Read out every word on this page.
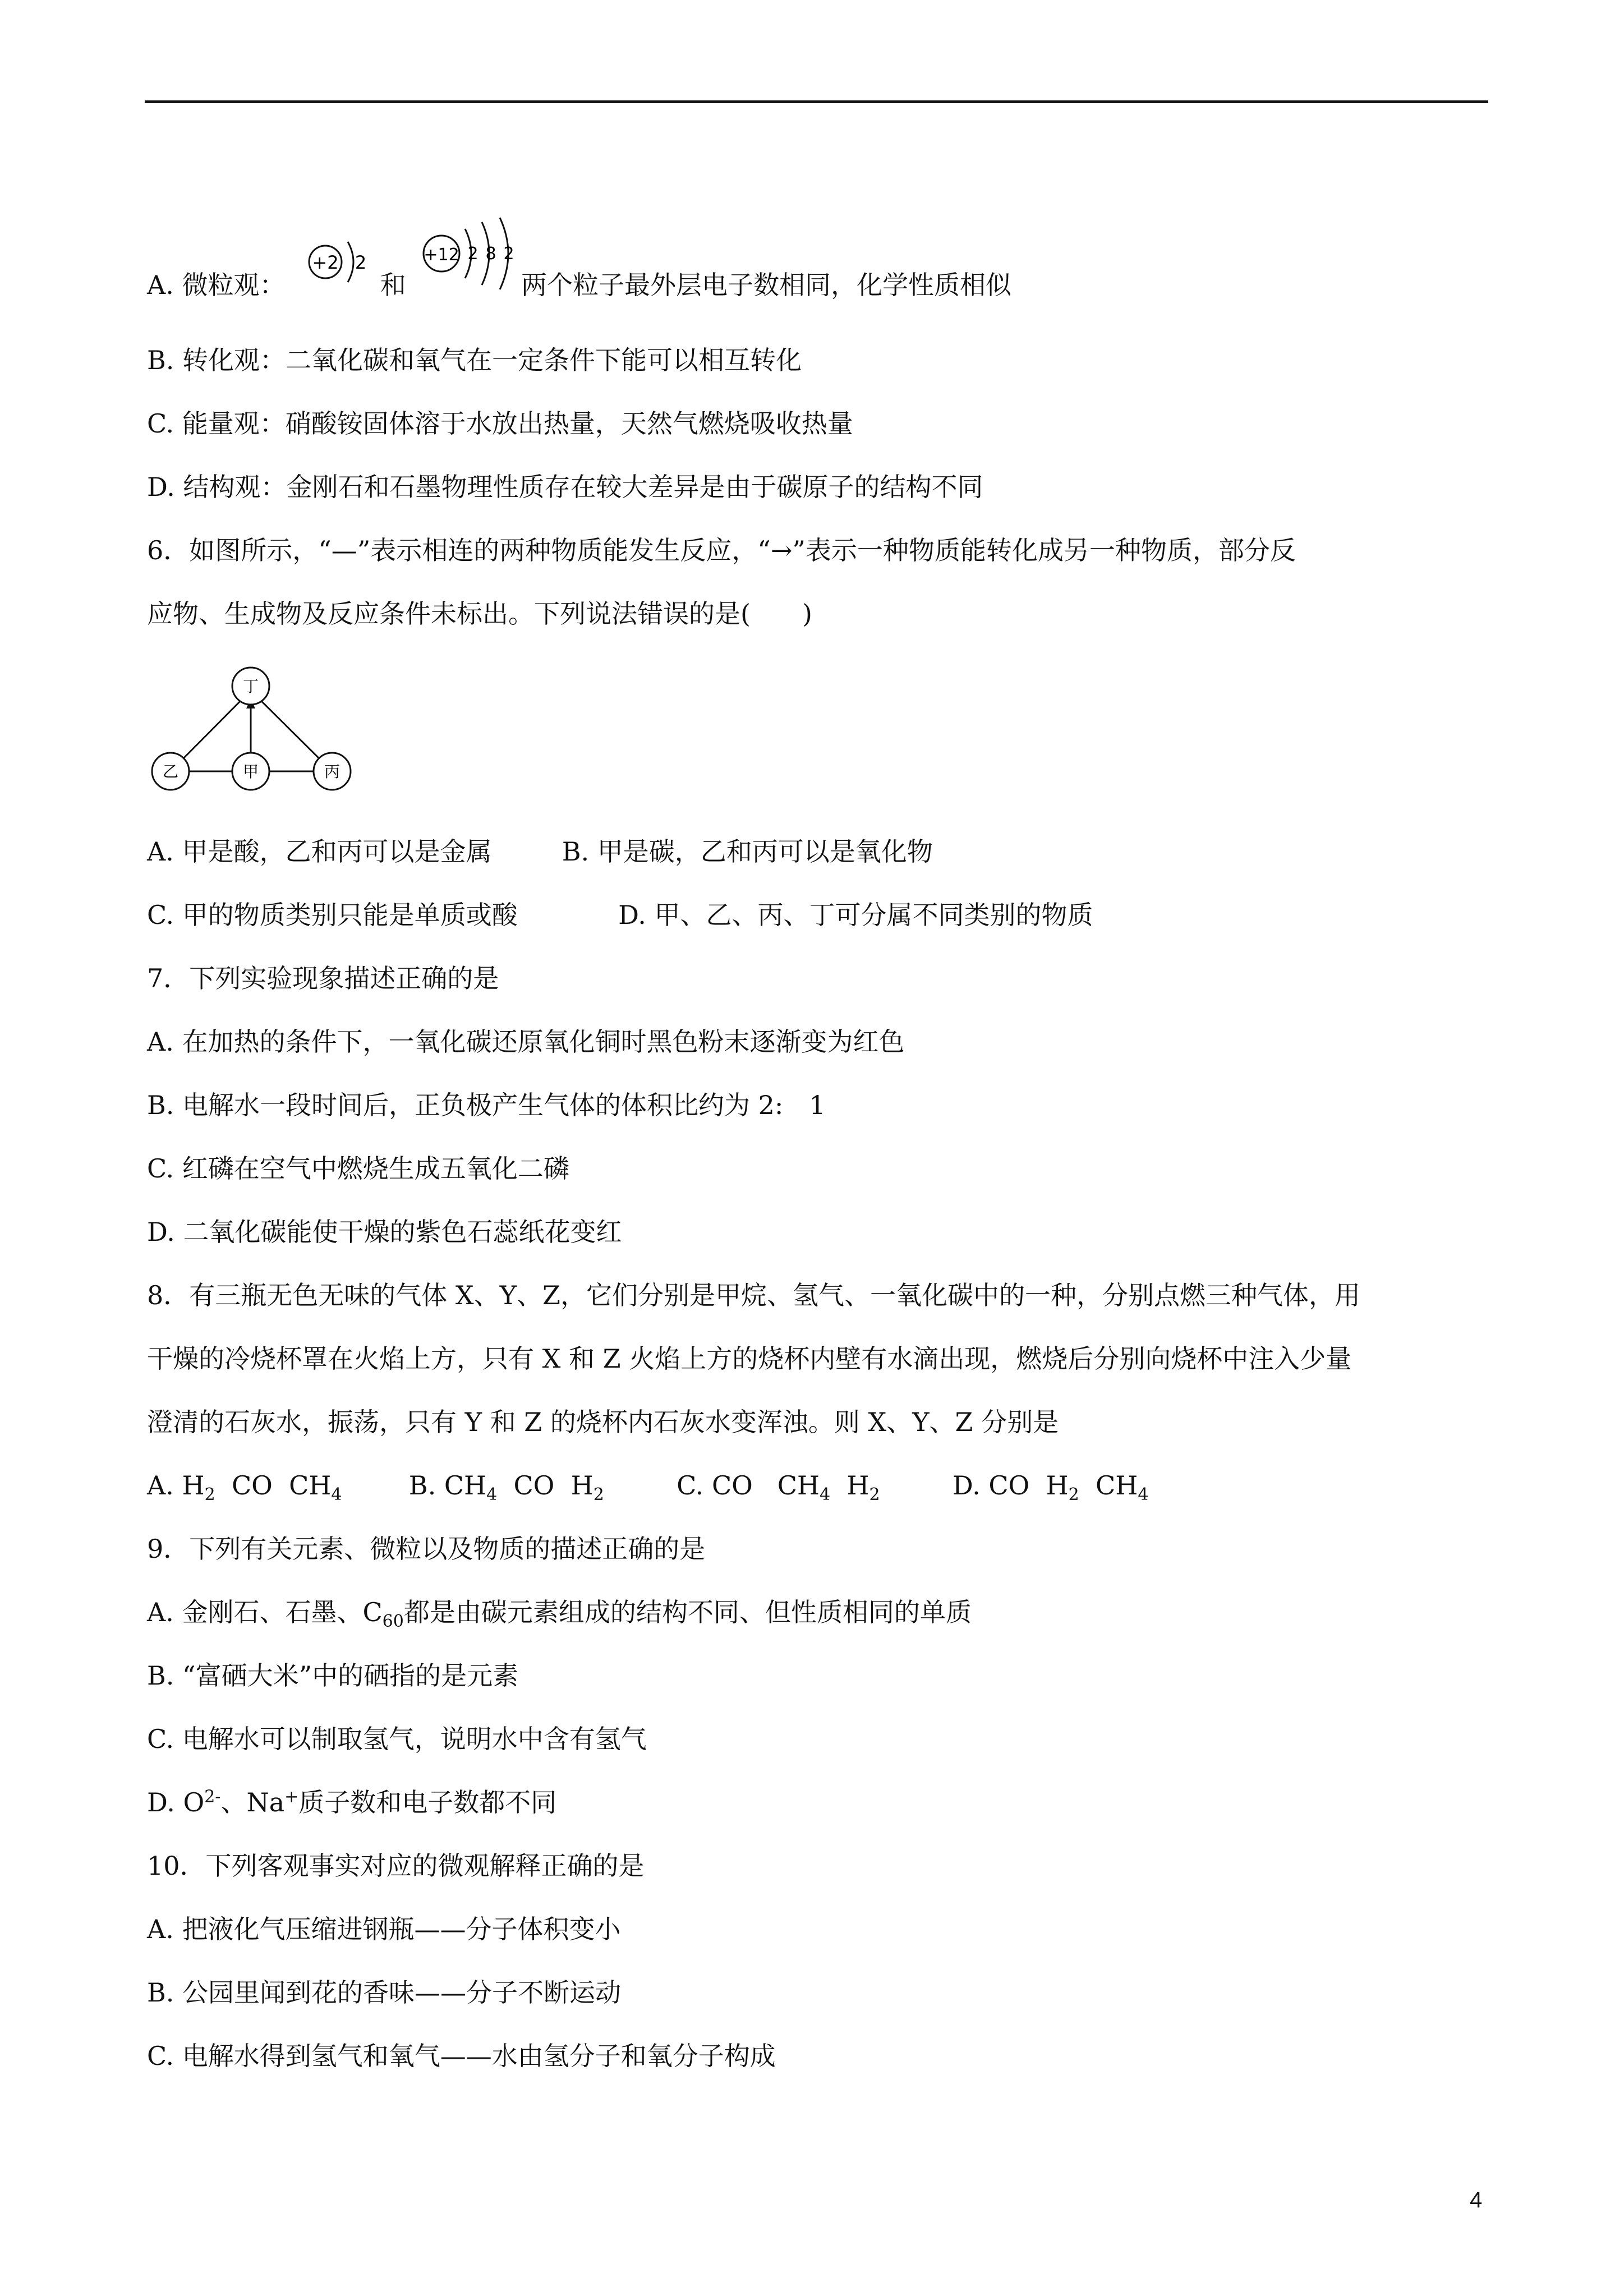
A. 微粒观：	和	两个粒子最外层电子数相同，化学性质相似
+2 2	+12 2 8 2
B. 转化观：二氧化碳和氧气在一定条件下能可以相互转化
C. 能量观：硝酸铵固体溶于水放出热量，天然气燃烧吸收热量
D. 结构观：金刚石和石墨物理性质存在较大差异是由于碳原子的结构不同
6．如图所示，“—”表示相连的两种物质能发生反应，“→”表示一种物质能转化成另一种物质，部分反
应物、生成物及反应条件未标出。下列说法错误的是(　　)
丁
乙	甲	丙
A. 甲是酸，乙和丙可以是金属	B. 甲是碳，乙和丙可以是氧化物
C. 甲的物质类别只能是单质或酸	D. 甲、乙、丙、丁可分属不同类别的物质
7．下列实验现象描述正确的是
A. 在加热的条件下，一氧化碳还原氧化铜时黑色粉末逐渐变为红色
B. 电解水一段时间后，正负极产生气体的体积比约为 2:　1
C. 红磷在空气中燃烧生成五氧化二磷
D. 二氧化碳能使干燥的紫色石蕊纸花变红
8．有三瓶无色无味的气体 X、Y、Z，它们分别是甲烷、氢气、一氧化碳中的一种，分别点燃三种气体，用
干燥的冷烧杯罩在火焰上方，只有 X 和 Z 火焰上方的烧杯内壁有水滴出现，燃烧后分别向烧杯中注入少量
澄清的石灰水，振荡，只有 Y 和 Z 的烧杯内石灰水变浑浊。则 X、Y、Z 分别是
A. $H_2$ CO $CH_4$	B. $CH_4$ CO $H_2$	C. CO $CH_4$ $H_2$	D. CO $H_2$ $CH_4$
9．下列有关元素、微粒以及物质的描述正确的是
A. 金刚石、石墨、$C_{60}$都是由碳元素组成的结构不同、但性质相同的单质
B. “富硒大米”中的硒指的是元素
C. 电解水可以制取氢气，说明水中含有氢气
D. $O^{2-}$、Na+质子数和电子数都不同
10．下列客观事实对应的微观解释正确的是
A. 把液化气压缩进钢瓶——分子体积变小
B. 公园里闻到花的香味——分子不断运动
C. 电解水得到氢气和氧气——水由氢分子和氧分子构成
4
